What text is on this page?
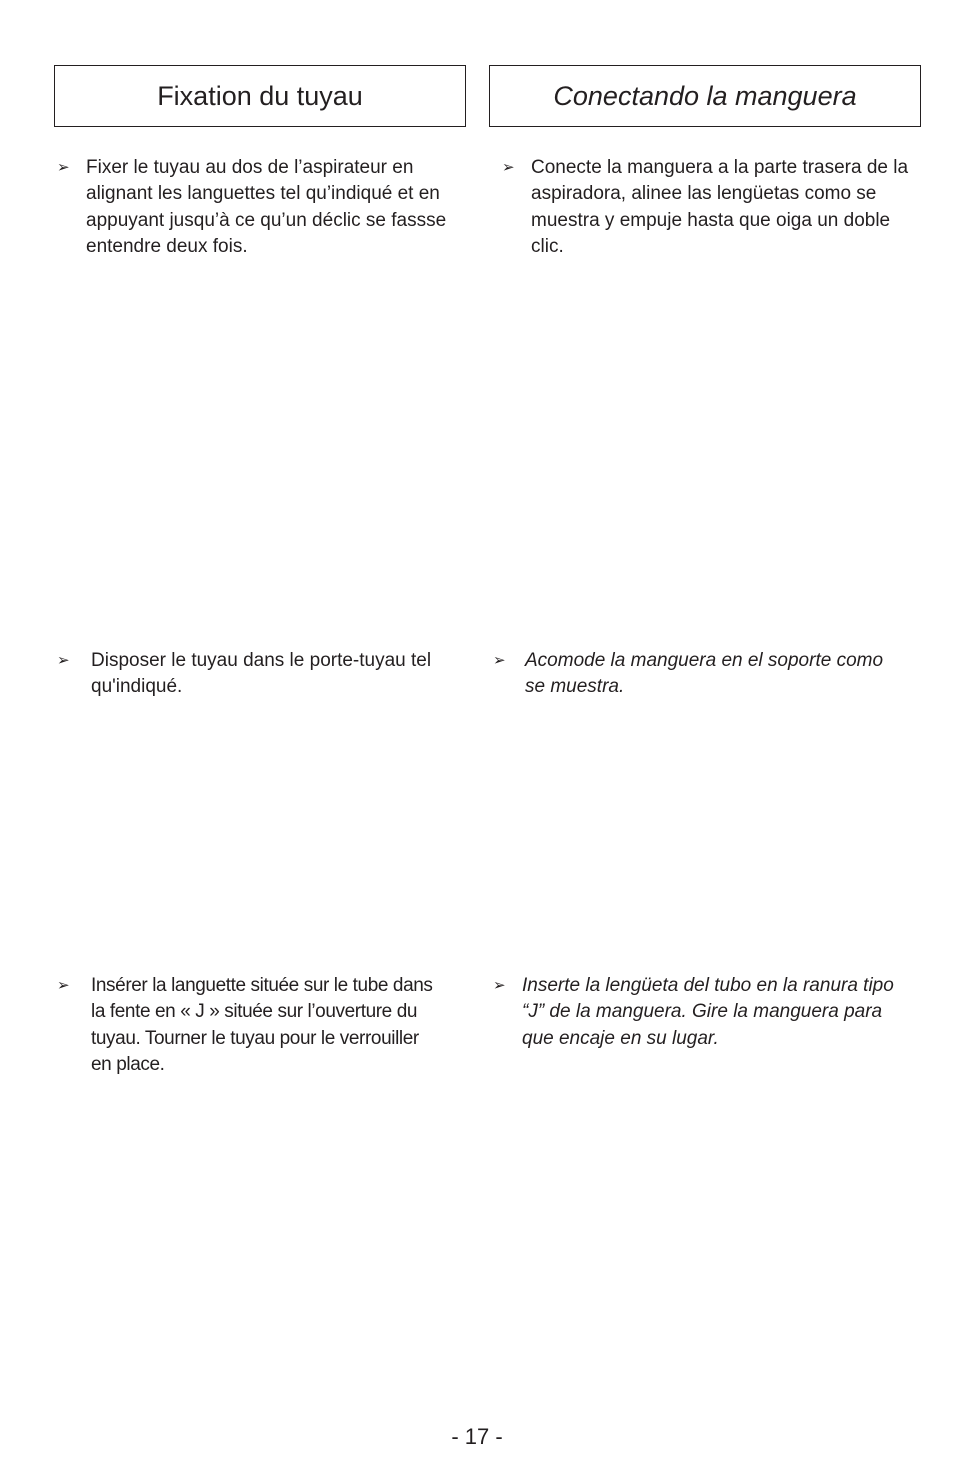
Fixation du tuyau	Conectando la manguera
➢ Fixer le tuyau au dos de l’aspirateur en alignant les languettes tel qu’indiqué et en appuyant jusqu’à ce qu’un déclic se fassse entendre deux fois.
➢ Conecte la manguera a la parte trasera de la aspiradora, alinee las lengüetas como se muestra y empuje hasta que oiga un doble clic.
➢	Disposer le tuyau dans le porte-tuyau tel qu'indiqué.
➢	Acomode la manguera en el soporte como se muestra.
➢	Insérer la languette située sur le tube dans la fente en « J » située sur l’ouverture du tuyau. Tourner le tuyau pour le verrouiller en place.
➢ Inserte la lengüeta del tubo en la ranura tipo “J” de la manguera. Gire la manguera para que encaje en su lugar.
- 17 -
